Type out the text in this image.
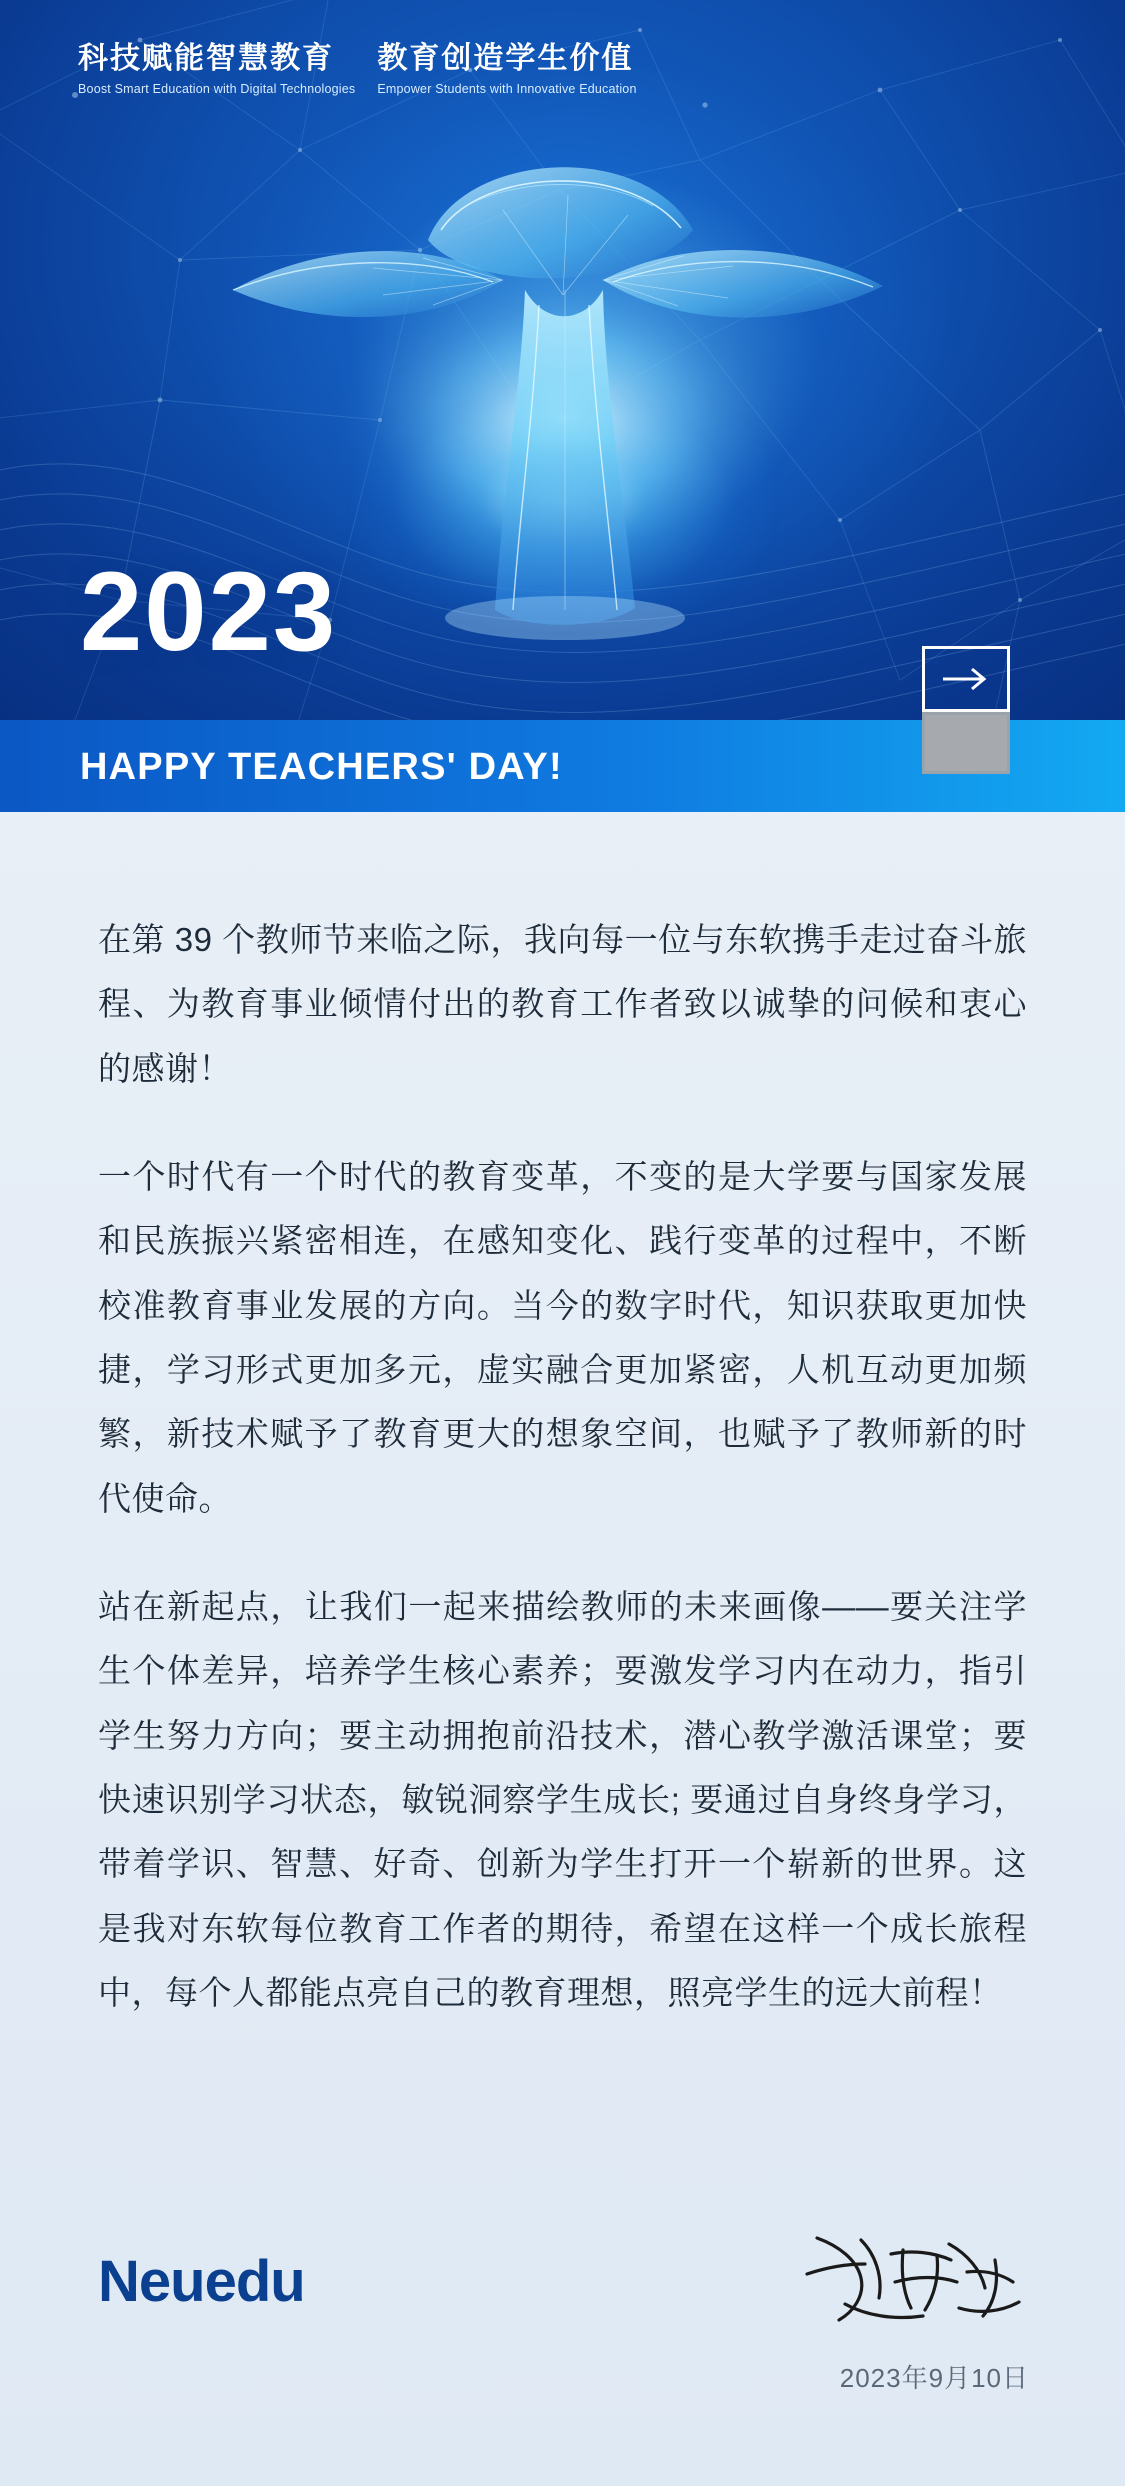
科技赋能智慧教育
Boost Smart Education with Digital Technologies
教育创造学生价值
Empower Students with Innovative Education
2023
HAPPY TEACHERS' DAY!

在第 39 个教师节来临之际，我向每一位与东软携手走过奋斗旅程、为教育事业倾情付出的教育工作者致以诚挚的问候和衷心的感谢！

一个时代有一个时代的教育变革，不变的是大学要与国家发展和民族振兴紧密相连，在感知变化、践行变革的过程中，不断校准教育事业发展的方向。当今的数字时代，知识获取更加快捷，学习形式更加多元，虚实融合更加紧密，人机互动更加频繁，新技术赋予了教育更大的想象空间，也赋予了教师新的时代使命。

站在新起点，让我们一起来描绘教师的未来画像——要关注学生个体差异，培养学生核心素养；要激发学习内在动力，指引学生努力方向；要主动拥抱前沿技术，潜心教学激活课堂；要快速识别学习状态，敏锐洞察学生成长; 要通过自身终身学习，带着学识、智慧、好奇、创新为学生打开一个崭新的世界。这是我对东软每位教育工作者的期待，希望在这样一个成长旅程中，每个人都能点亮自己的教育理想，照亮学生的远大前程！

Neuedu
2023年9月10日
